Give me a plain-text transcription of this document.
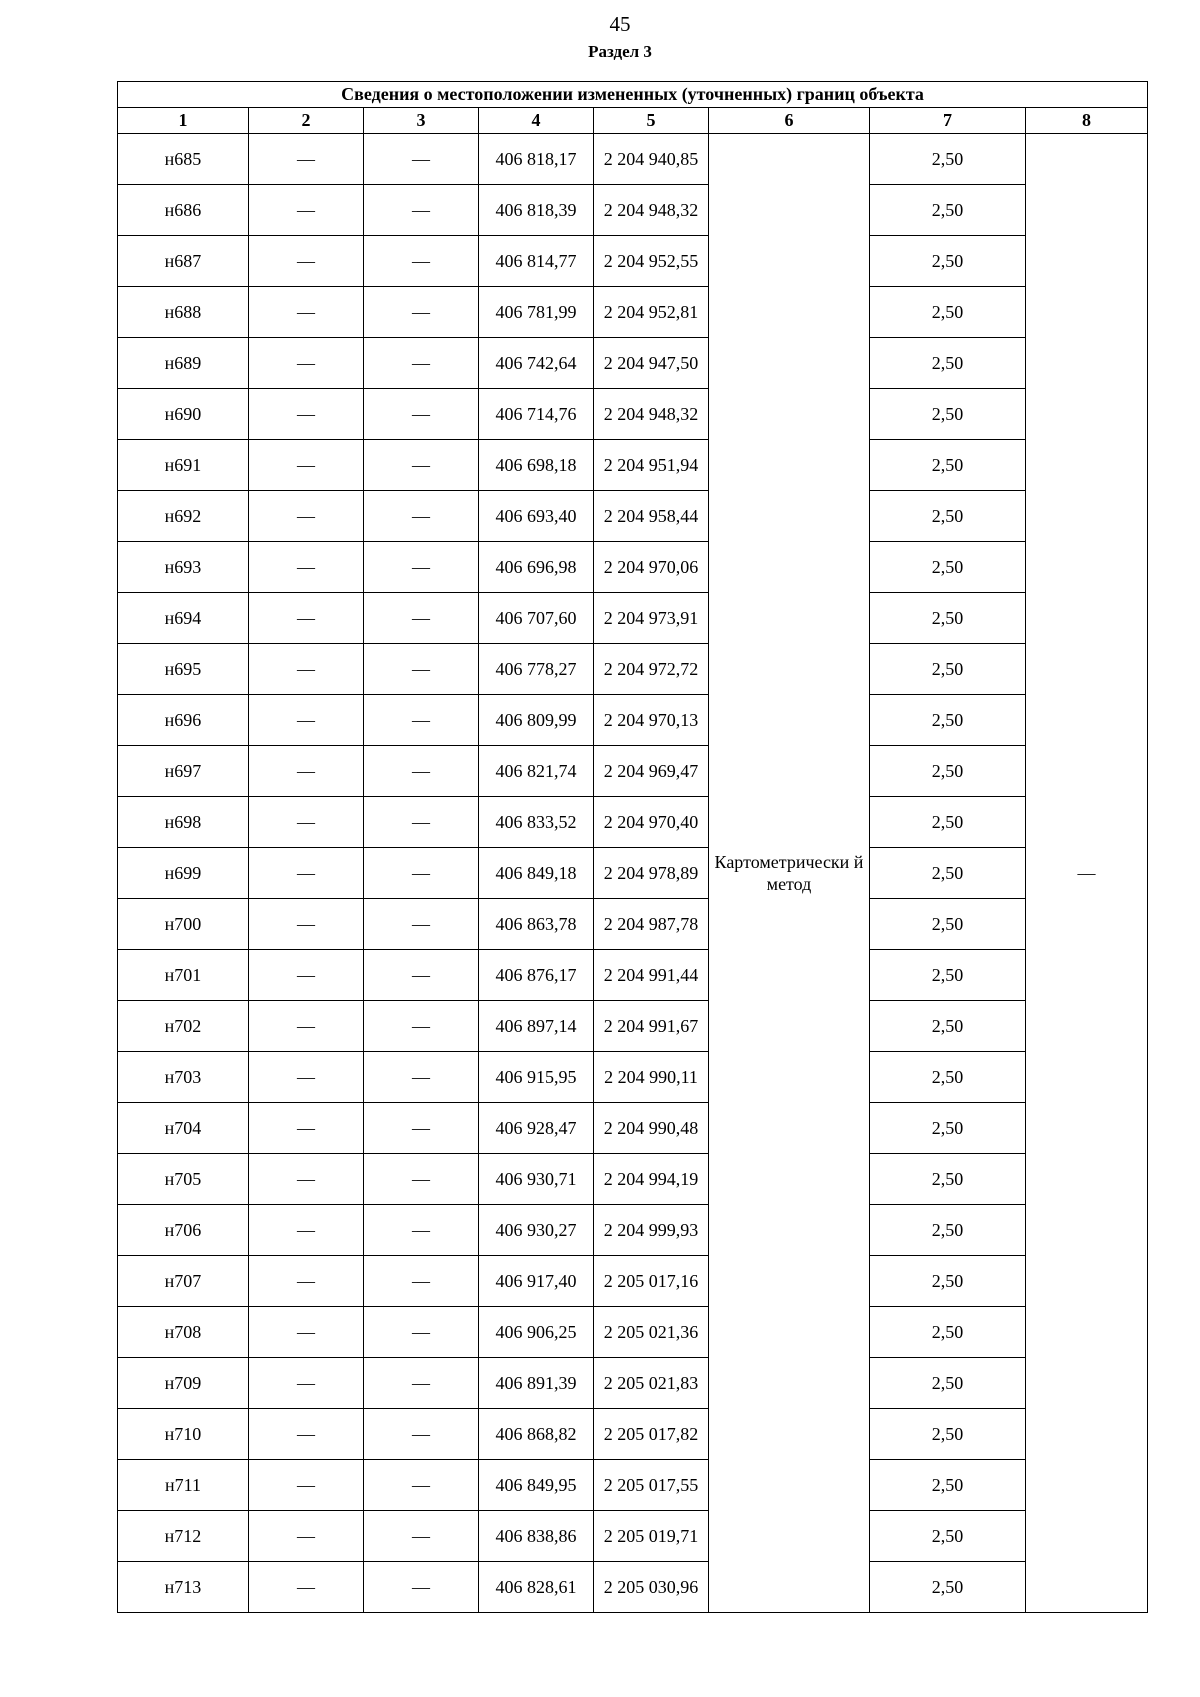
45
Раздел 3
Сведения о местоположении измененных (уточненных) границ объекта							
1	2	3	4	5	6	7	8
н685	—	—	406 818,17	2 204 940,85	Картометрически й метод	2,50	—
н686	—	—	406 818,39	2 204 948,32		2,50	
н687	—	—	406 814,77	2 204 952,55		2,50	
н688	—	—	406 781,99	2 204 952,81		2,50	
н689	—	—	406 742,64	2 204 947,50		2,50	
н690	—	—	406 714,76	2 204 948,32		2,50	
н691	—	—	406 698,18	2 204 951,94		2,50	
н692	—	—	406 693,40	2 204 958,44		2,50	
н693	—	—	406 696,98	2 204 970,06		2,50	
н694	—	—	406 707,60	2 204 973,91		2,50	
н695	—	—	406 778,27	2 204 972,72		2,50	
н696	—	—	406 809,99	2 204 970,13		2,50	
н697	—	—	406 821,74	2 204 969,47		2,50	
н698	—	—	406 833,52	2 204 970,40		2,50	
н699	—	—	406 849,18	2 204 978,89		2,50	
н700	—	—	406 863,78	2 204 987,78		2,50	
н701	—	—	406 876,17	2 204 991,44		2,50	
н702	—	—	406 897,14	2 204 991,67		2,50	
н703	—	—	406 915,95	2 204 990,11		2,50	
н704	—	—	406 928,47	2 204 990,48		2,50	
н705	—	—	406 930,71	2 204 994,19		2,50	
н706	—	—	406 930,27	2 204 999,93		2,50	
н707	—	—	406 917,40	2 205 017,16		2,50	
н708	—	—	406 906,25	2 205 021,36		2,50	
н709	—	—	406 891,39	2 205 021,83		2,50	
н710	—	—	406 868,82	2 205 017,82		2,50	
н711	—	—	406 849,95	2 205 017,55		2,50	
н712	—	—	406 838,86	2 205 019,71		2,50	
н713	—	—	406 828,61	2 205 030,96		2,50	
